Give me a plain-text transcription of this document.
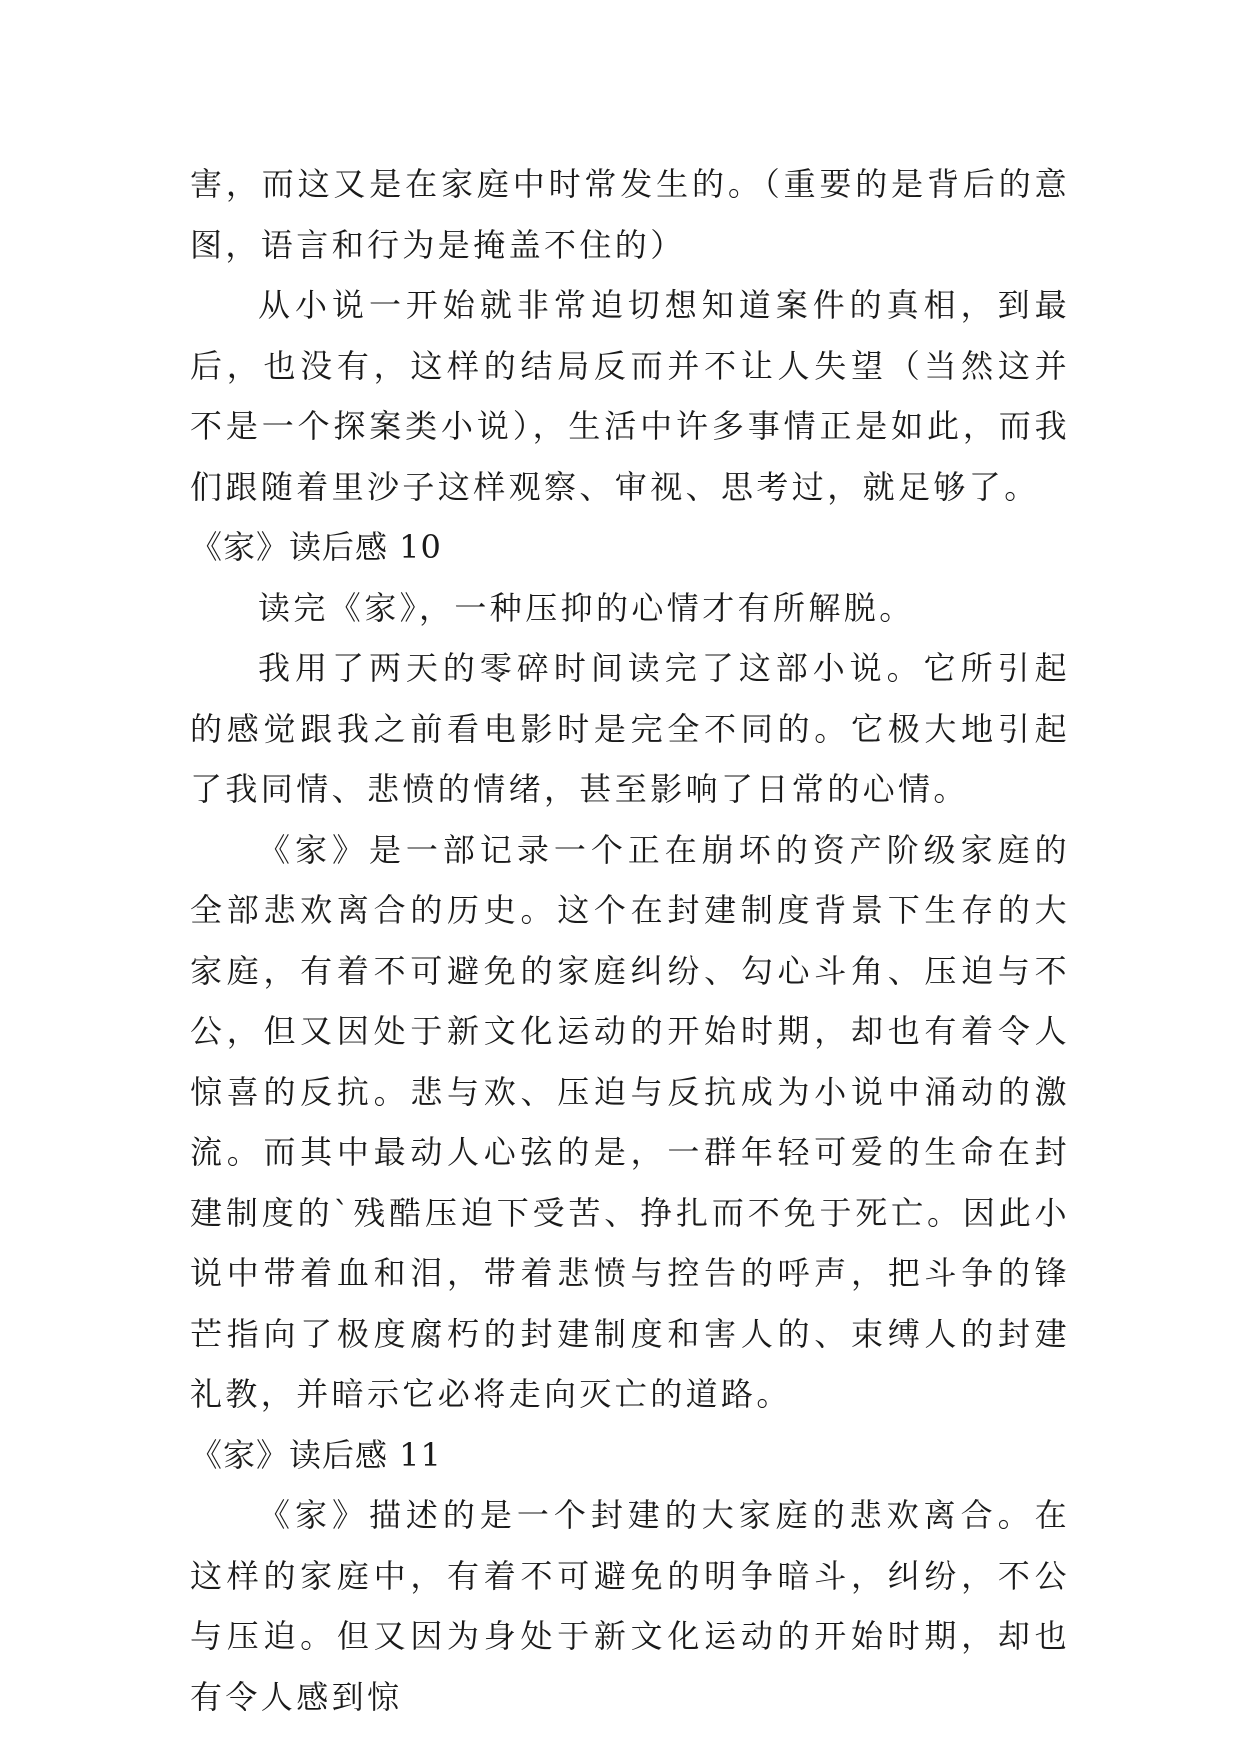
害，而这又是在家庭中时常发生的。（重要的是背后的意图，语言和行为是掩盖不住的）

从小说一开始就非常迫切想知道案件的真相，到最后，也没有，这样的结局反而并不让人失望（当然这并不是一个探案类小说），生活中许多事情正是如此，而我们跟随着里沙子这样观察、审视、思考过，就足够了。

《家》读后感 10

读完《家》，一种压抑的心情才有所解脱。

我用了两天的零碎时间读完了这部小说。它所引起的感觉跟我之前看电影时是完全不同的。它极大地引起了我同情、悲愤的情绪，甚至影响了日常的心情。

《家》是一部记录一个正在崩坏的资产阶级家庭的全部悲欢离合的历史。这个在封建制度背景下生存的大家庭，有着不可避免的家庭纠纷、勾心斗角、压迫与不公，但又因处于新文化运动的开始时期，却也有着令人惊喜的反抗。悲与欢、压迫与反抗成为小说中涌动的激流。而其中最动人心弦的是，一群年轻可爱的生命在封建制度的`残酷压迫下受苦、挣扎而不免于死亡。因此小说中带着血和泪，带着悲愤与控告的呼声，把斗争的锋芒指向了极度腐朽的封建制度和害人的、束缚人的封建礼教，并暗示它必将走向灭亡的道路。

《家》读后感 11

《家》描述的是一个封建的大家庭的悲欢离合。在这样的家庭中，有着不可避免的明争暗斗，纠纷，不公与压迫。但又因为身处于新文化运动的开始时期，却也有令人感到惊
